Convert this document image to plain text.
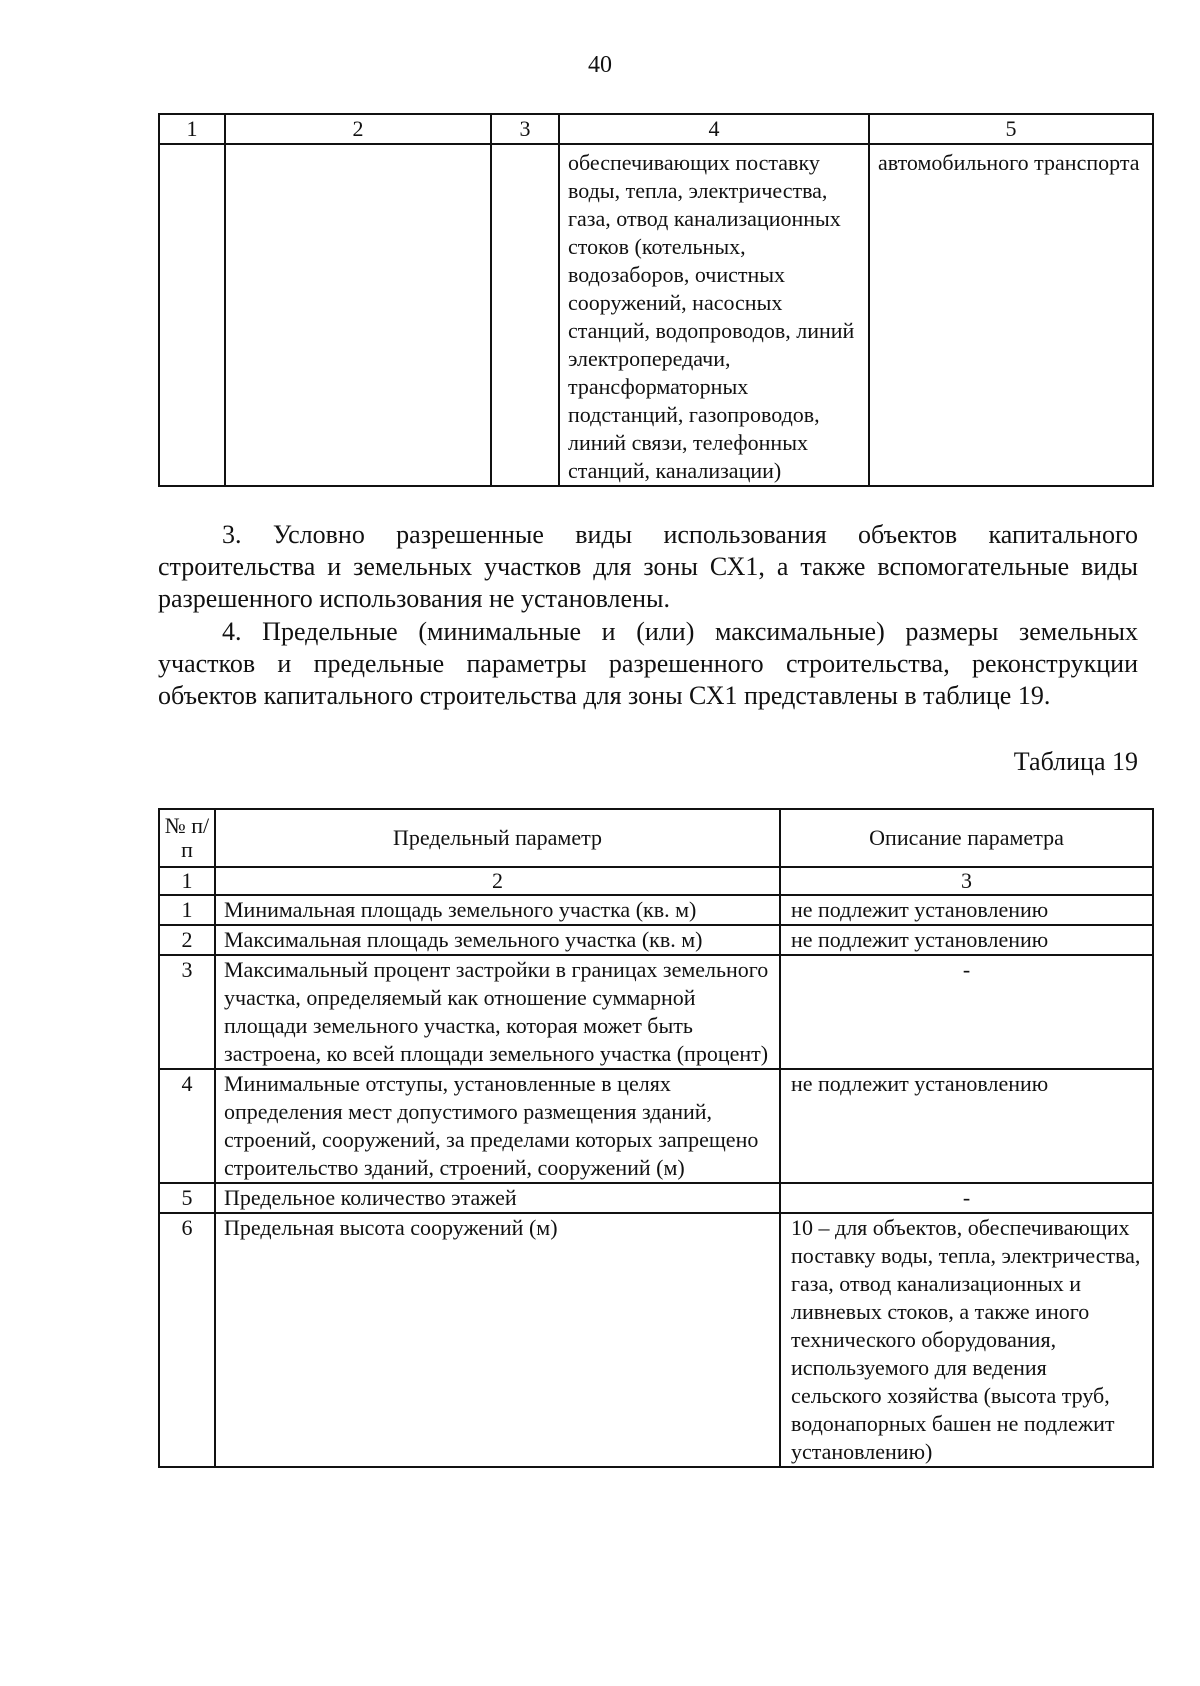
40
1	2	3	4	5

			обеспечивающих поставку воды, тепла, электричества, газа, отвод канализационных стоков (котельных, водозаборов, очистных сооружений, насосных станций, водопроводов, линий электропередачи, трансформаторных подстанций, газопроводов, линий связи, телефонных станций, канализации)	автомобильного транспорта
3. Условно разрешенные виды использования объектов капитального строительства и земельных участков для зоны СХ1, а также вспомогательные виды разрешенного использования не установлены.
4. Предельные (минимальные и (или) максимальные) размеры земельных участков и предельные параметры разрешенного строительства, реконструкции объектов капитального строительства для зоны СХ1 представлены в таблице 19.
Таблица 19
№ п/п	Предельный параметр	Описание параметра
1	2	3
1	Минимальная площадь земельного участка (кв. м)	не подлежит установлению
2	Максимальная площадь земельного участка (кв. м)	не подлежит установлению
3	Максимальный процент застройки в границах земельного участка, определяемый как отношение суммарной площади земельного участка, которая может быть застроена, ко всей площади земельного участка (процент)	-
4	Минимальные отступы, установленные в целях определения мест допустимого размещения зданий, строений, сооружений, за пределами которых запрещено строительство зданий, строений, сооружений (м)	не подлежит установлению
5	Предельное количество этажей	-
6	Предельная высота сооружений (м)	10 – для объектов, обеспечивающих поставку воды, тепла, электричества, газа, отвод канализационных и ливневых стоков, а также иного технического оборудования, используемого для ведения сельского хозяйства (высота труб, водонапорных башен не подлежит установлению)
